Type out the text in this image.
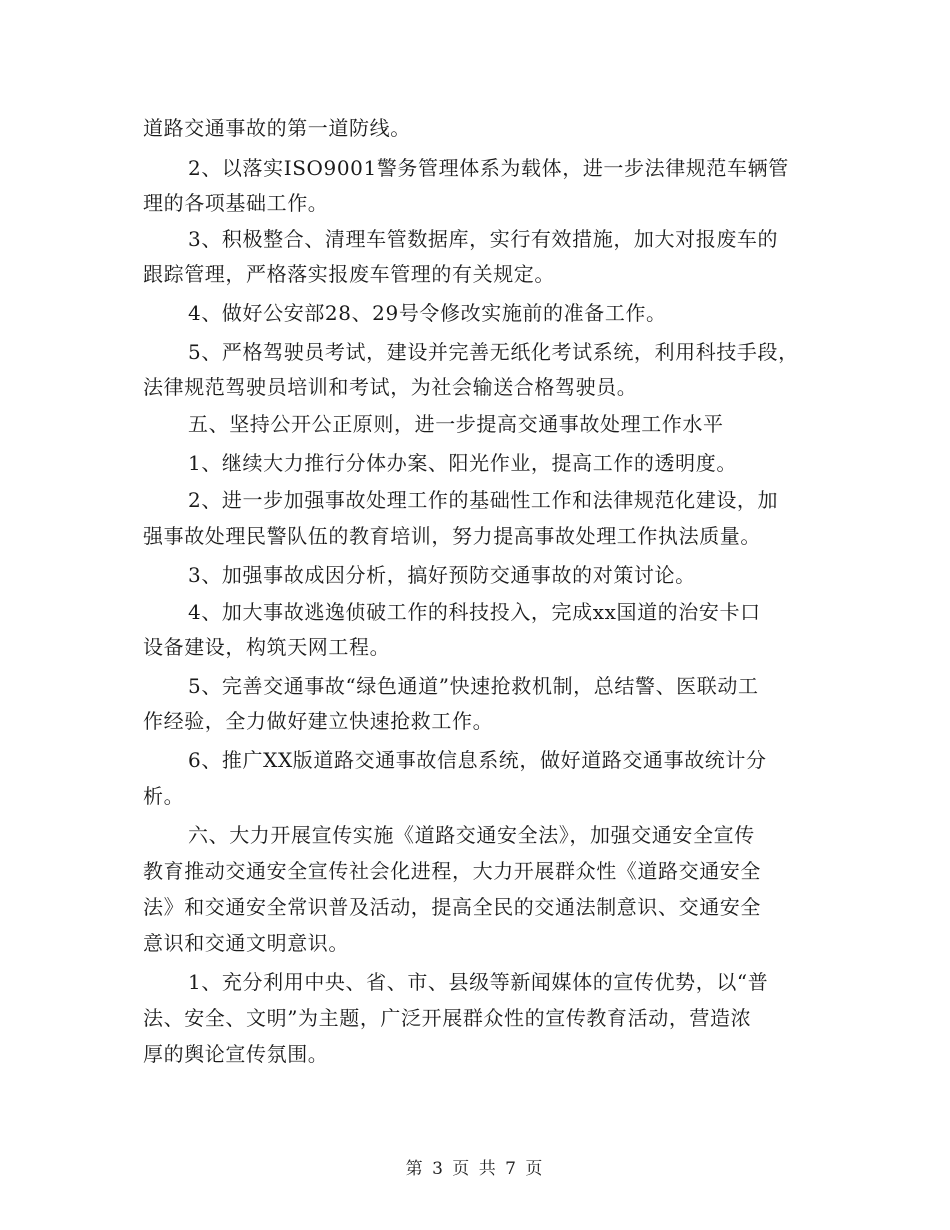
道路交通事故的第一道防线。
2、以落实ISO9001警务管理体系为载体，进一步法律规范车辆管
理的各项基础工作。
3、积极整合、清理车管数据库，实行有效措施，加大对报废车的
跟踪管理，严格落实报废车管理的有关规定。
4、做好公安部28、29号令修改实施前的准备工作。
5、严格驾驶员考试，建设并完善无纸化考试系统，利用科技手段，
法律规范驾驶员培训和考试，为社会输送合格驾驶员。
五、坚持公开公正原则，进一步提高交通事故处理工作水平
1、继续大力推行分体办案、阳光作业，提高工作的透明度。
2、进一步加强事故处理工作的基础性工作和法律规范化建设，加
强事故处理民警队伍的教育培训，努力提高事故处理工作执法质量。
3、加强事故成因分析，搞好预防交通事故的对策讨论。
4、加大事故逃逸侦破工作的科技投入，完成xx国道的治安卡口
设备建设，构筑天网工程。
5、完善交通事故“绿色通道”快速抢救机制，总结警、医联动工
作经验，全力做好建立快速抢救工作。
6、推广XX版道路交通事故信息系统，做好道路交通事故统计分
析。
六、大力开展宣传实施《道路交通安全法》，加强交通安全宣传
教育推动交通安全宣传社会化进程，大力开展群众性《道路交通安全
法》和交通安全常识普及活动，提高全民的交通法制意识、交通安全
意识和交通文明意识。
1、充分利用中央、省、市、县级等新闻媒体的宣传优势，以“普
法、安全、文明”为主题，广泛开展群众性的宣传教育活动，营造浓
厚的舆论宣传氛围。
第 3 页 共 7 页
